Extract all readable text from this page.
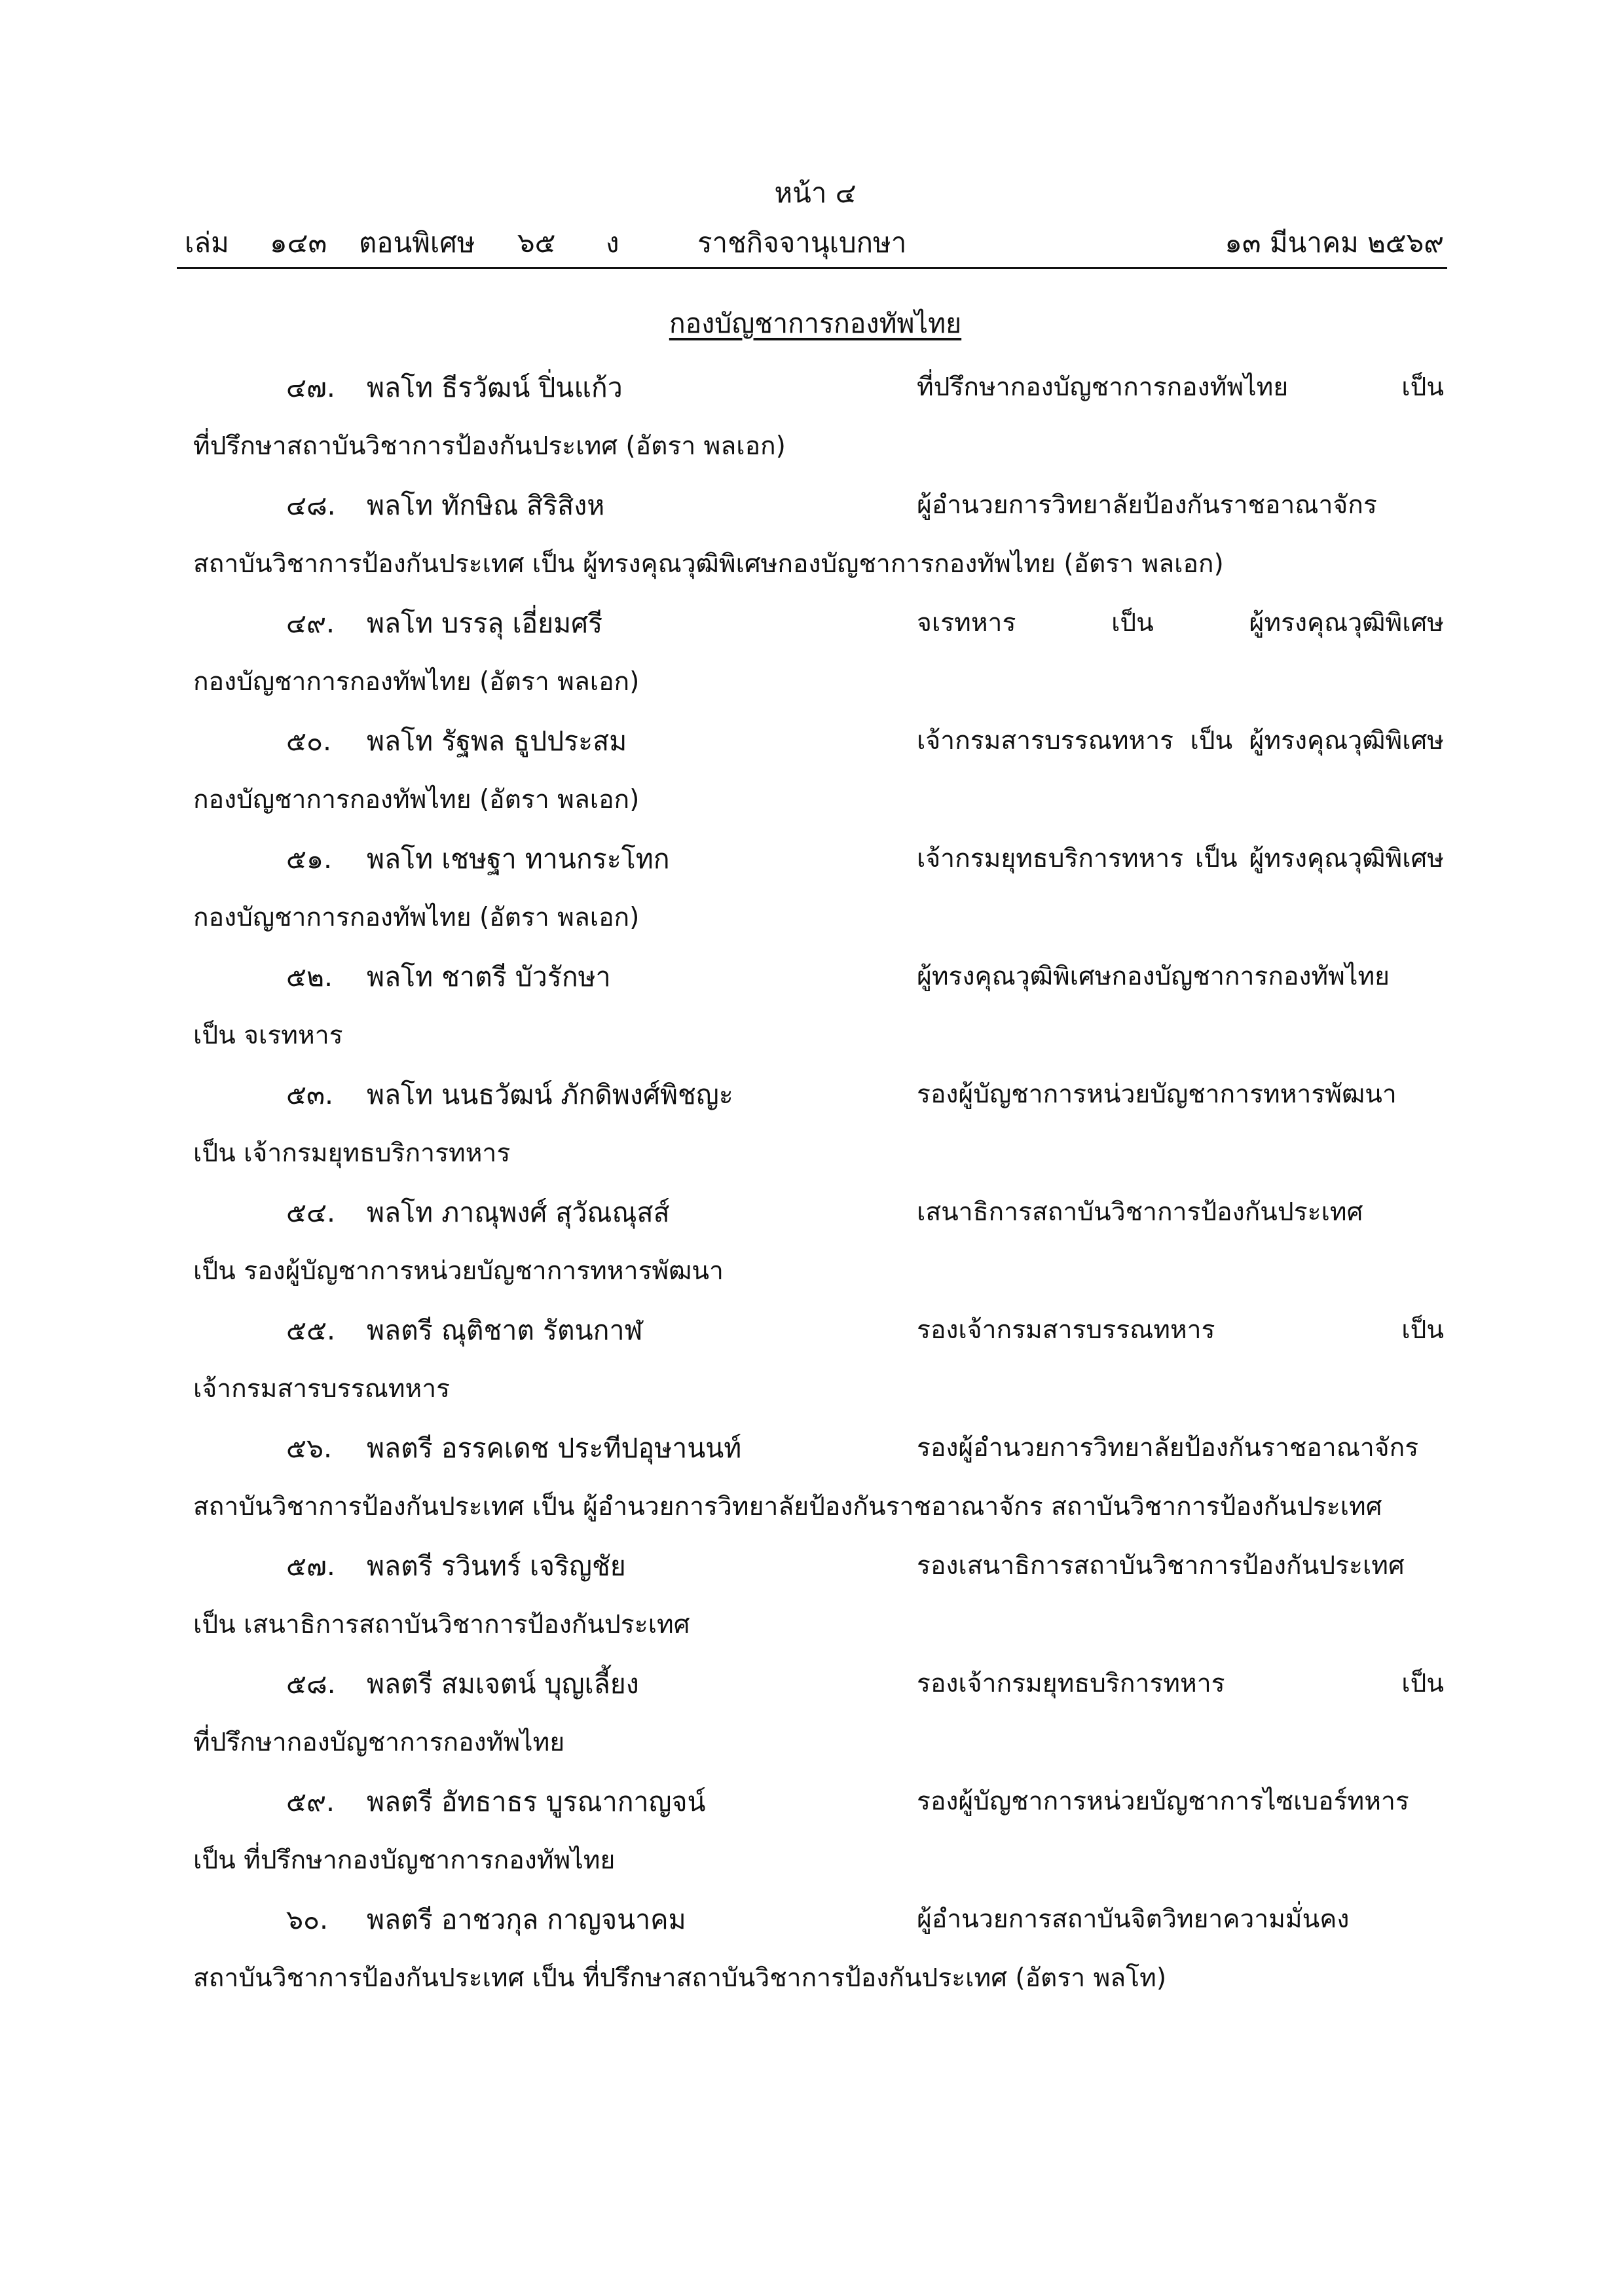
หน้า ๔
เล่ม ๑๔๓ ตอนพิเศษ ๖๕ ง	ราชกิจจานุเบกษา	๑๓ มีนาคม ๒๕๖๙
กองบัญชาการกองทัพไทย
๔๗.	พลโท ธีรวัฒน์ ปิ่นแก้ว	ที่ปรึกษากองบัญชาการกองทัพไทย เป็น
ที่ปรึกษาสถาบันวิชาการป้องกันประเทศ (อัตรา พลเอก)
๔๘.	พลโท ทักษิณ สิริสิงห	ผู้อำนวยการวิทยาลัยป้องกันราชอาณาจักร
สถาบันวิชาการป้องกันประเทศ เป็น ผู้ทรงคุณวุฒิพิเศษกองบัญชาการกองทัพไทย (อัตรา พลเอก)
๔๙.	พลโท บรรลุ เอี่ยมศรี	จเรทหาร เป็น ผู้ทรงคุณวุฒิพิเศษ
กองบัญชาการกองทัพไทย (อัตรา พลเอก)
๕๐.	พลโท รัฐพล ธูปประสม	เจ้ากรมสารบรรณทหาร เป็น ผู้ทรงคุณวุฒิพิเศษ
กองบัญชาการกองทัพไทย (อัตรา พลเอก)
๕๑.	พลโท เชษฐา ทานกระโทก	เจ้ากรมยุทธบริการทหาร เป็น ผู้ทรงคุณวุฒิพิเศษ
กองบัญชาการกองทัพไทย (อัตรา พลเอก)
๕๒.	พลโท ชาตรี บัวรักษา	ผู้ทรงคุณวุฒิพิเศษกองบัญชาการกองทัพไทย
เป็น จเรทหาร
๕๓.	พลโท นนธวัฒน์ ภักดิพงศ์พิชญะ	รองผู้บัญชาการหน่วยบัญชาการทหารพัฒนา
เป็น เจ้ากรมยุทธบริการทหาร
๕๔.	พลโท ภาณุพงศ์ สุวัณณุสส์	เสนาธิการสถาบันวิชาการป้องกันประเทศ
เป็น รองผู้บัญชาการหน่วยบัญชาการทหารพัฒนา
๕๕.	พลตรี ณุติชาต รัตนกาฬ	รองเจ้ากรมสารบรรณทหาร เป็น
เจ้ากรมสารบรรณทหาร
๕๖.	พลตรี อรรคเดช ประทีปอุษานนท์	รองผู้อำนวยการวิทยาลัยป้องกันราชอาณาจักร
สถาบันวิชาการป้องกันประเทศ เป็น ผู้อำนวยการวิทยาลัยป้องกันราชอาณาจักร สถาบันวิชาการป้องกันประเทศ
๕๗.	พลตรี รวินทร์ เจริญชัย	รองเสนาธิการสถาบันวิชาการป้องกันประเทศ
เป็น เสนาธิการสถาบันวิชาการป้องกันประเทศ
๕๘.	พลตรี สมเจตน์ บุญเลี้ยง	รองเจ้ากรมยุทธบริการทหาร เป็น
ที่ปรึกษากองบัญชาการกองทัพไทย
๕๙.	พลตรี อัทธาธร บูรณากาญจน์	รองผู้บัญชาการหน่วยบัญชาการไซเบอร์ทหาร
เป็น ที่ปรึกษากองบัญชาการกองทัพไทย
๖๐.	พลตรี อาชวกุล กาญจนาคม	ผู้อำนวยการสถาบันจิตวิทยาความมั่นคง
สถาบันวิชาการป้องกันประเทศ เป็น ที่ปรึกษาสถาบันวิชาการป้องกันประเทศ (อัตรา พลโท)
